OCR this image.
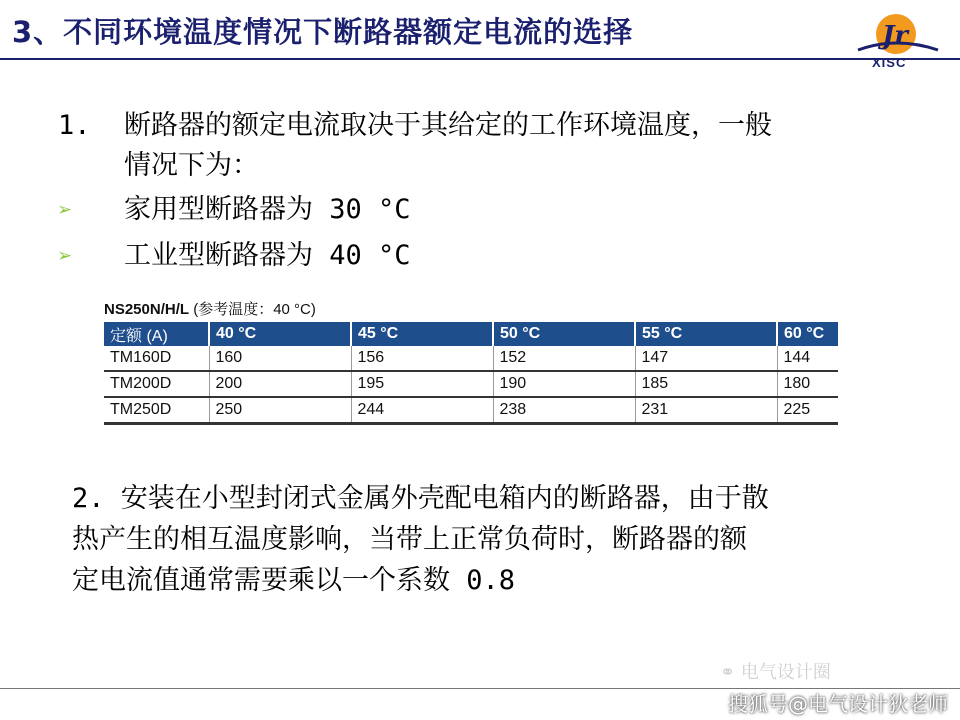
3、不同环境温度情况下断路器额定电流的选择	Jr
XISC
1. 断路器的额定电流取决于其给定的工作环境温度，一般
情况下为：
➢ 家用型断路器为 30 °C
➢ 工业型断路器为 40 °C
NS250N/H/L (参考温度：40 °C)
定额 (A)	40 °C	45 °C	50 °C	55 °C	60 °C
TM160D	160	156	152	147	144
TM200D	200	195	190	185	180
TM250D	250	244	238	231	225
2. 安装在小型封闭式金属外壳配电箱内的断路器，由于散
热产生的相互温度影响，当带上正常负荷时，断路器的额
定电流值通常需要乘以一个系数 0.8
⚭ 电气设计圈
搜狐号@电气设计狄老师
